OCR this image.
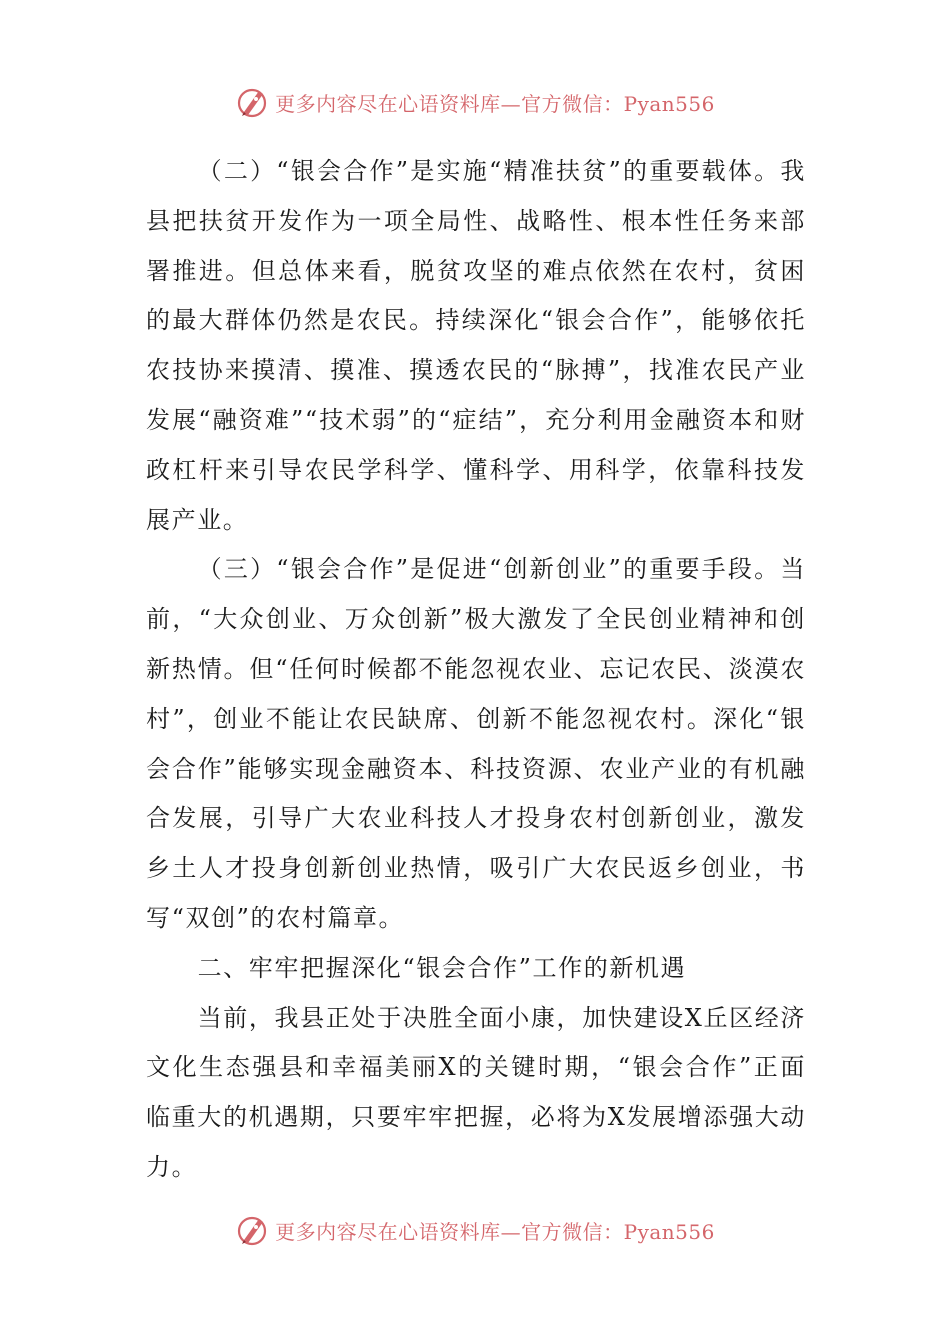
更多内容尽在心语资料库—官方微信：Pyan556

（二）“银会合作”是实施“精准扶贫”的重要载体。我县把扶贫开发作为一项全局性、战略性、根本性任务来部署推进。但总体来看，脱贫攻坚的难点依然在农村，贫困的最大群体仍然是农民。持续深化“银会合作”，能够依托农技协来摸清、摸准、摸透农民的“脉搏”，找准农民产业发展“融资难”“技术弱”的“症结”，充分利用金融资本和财政杠杆来引导农民学科学、懂科学、用科学，依靠科技发展产业。

（三）“银会合作”是促进“创新创业”的重要手段。当前，“大众创业、万众创新”极大激发了全民创业精神和创新热情。但“任何时候都不能忽视农业、忘记农民、淡漠农村”，创业不能让农民缺席、创新不能忽视农村。深化“银会合作”能够实现金融资本、科技资源、农业产业的有机融合发展，引导广大农业科技人才投身农村创新创业，激发乡土人才投身创新创业热情，吸引广大农民返乡创业，书写“双创”的农村篇章。

二、牢牢把握深化“银会合作”工作的新机遇

当前，我县正处于决胜全面小康，加快建设X丘区经济文化生态强县和幸福美丽X的关键时期，“银会合作”正面临重大的机遇期，只要牢牢把握，必将为X发展增添强大动力。

更多内容尽在心语资料库—官方微信：Pyan556
